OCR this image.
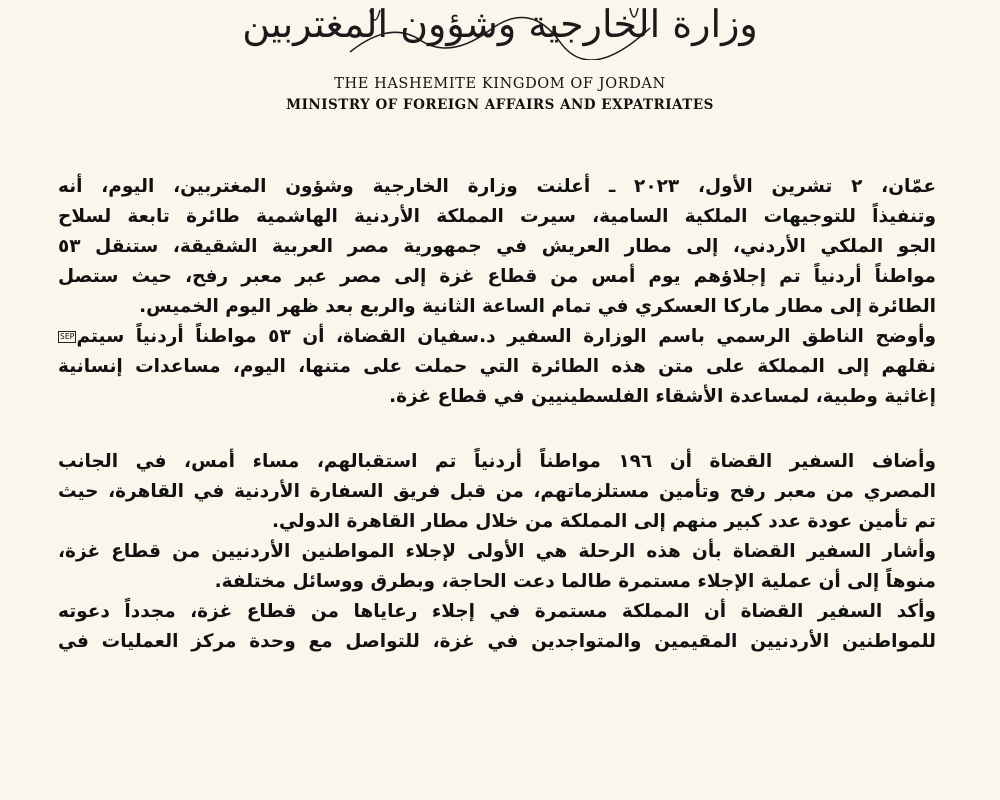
وزارة الخارجية وشؤون المغتربين
THE HASHEMITE KINGDOM OF JORDAN
MINISTRY OF FOREIGN AFFAIRS AND EXPATRIATES
عمّان، ٢ تشرين الأول، ٢٠٢٣ ـ أعلنت وزارة الخارجية وشؤون المغتربين، اليوم، أنه
وتنفيذاً للتوجيهات الملكية السامية، سيرت المملكة الأردنية الهاشمية طائرة تابعة لسلاح
الجو الملكي الأردني، إلى مطار العريش في جمهورية مصر العربية الشقيقة، ستنقل ٥٣
مواطناً أردنياً تم إجلاؤهم يوم أمس من قطاع غزة إلى مصر عبر معبر رفح، حيث ستصل
الطائرة إلى مطار ماركا العسكري في تمام الساعة الثانية والربع بعد ظهر اليوم الخميس.
وأوضح الناطق الرسمي باسم الوزارة السفير د.سفيان القضاة، أن ٥٣ مواطناً أردنياً سيتمSEP
نقلهم إلى المملكة على متن هذه الطائرة التي حملت على متنها، اليوم، مساعدات إنسانية
إغاثية وطبية، لمساعدة الأشقاء الفلسطينيين في قطاع غزة.
وأضاف السفير القضاة أن ١٩٦ مواطناً أردنياً تم استقبالهم، مساء أمس، في الجانب
المصري من معبر رفح وتأمين مستلزماتهم، من قبل فريق السفارة الأردنية في القاهرة، حيث
تم تأمين عودة عدد كبير منهم إلى المملكة من خلال مطار القاهرة الدولي.
وأشار السفير القضاة بأن هذه الرحلة هي الأولى لإجلاء المواطنين الأردنيين من قطاع غزة،
منوهاً إلى أن عملية الإجلاء مستمرة طالما دعت الحاجة، وبطرق ووسائل مختلفة.
وأكد السفير القضاة أن المملكة مستمرة في إجلاء رعاياها من قطاع غزة، مجدداً دعوته
للمواطنين الأردنيين المقيمين والمتواجدين في غزة، للتواصل مع وحدة مركز العمليات في
